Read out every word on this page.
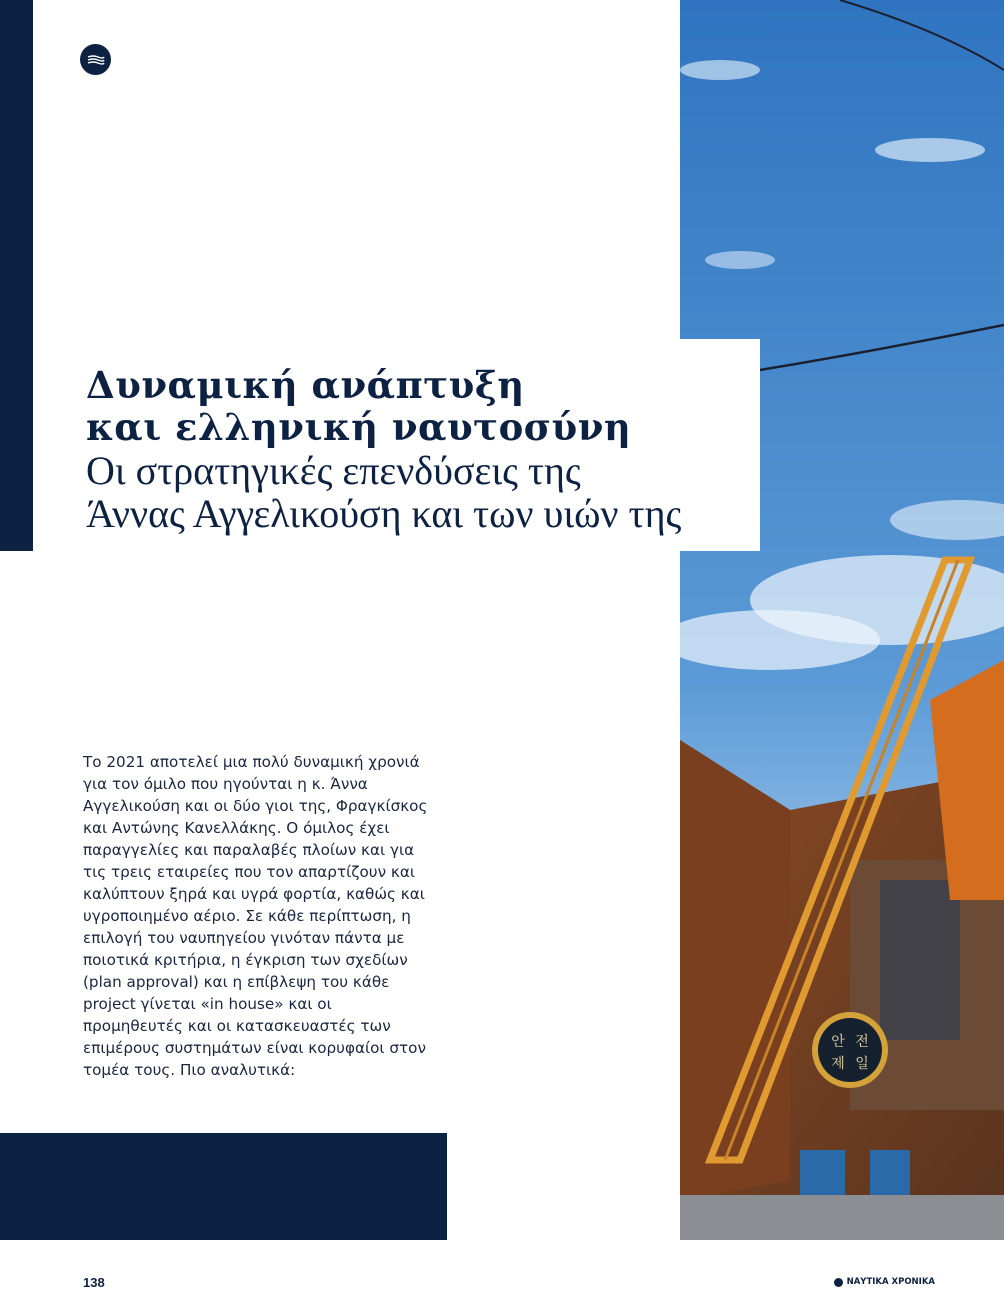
안 전
제 일
Δυναμική ανάπτυξη
και ελληνική ναυτοσύνη
Οι στρατηγικές επενδύσεις της
Άννας Αγγελικούση και των υιών της

Το 2021 αποτελεί μια πολύ δυναμική χρονιά για τον όμιλο που ηγούνται η κ. Άννα Αγγελικούση και οι δύο γιοι της, Φραγκίσκος και Αντώνης Κανελλάκης. Ο όμιλος έχει παραγγελίες και παραλαβές πλοίων και για τις τρεις εταιρείες που τον απαρτίζουν και καλύπτουν ξηρά και υγρά φορτία, καθώς και υγροποιημένο αέριο. Σε κάθε περίπτωση, η επιλογή του ναυπηγείου γινόταν πάντα με ποιοτικά κριτήρια, η έγκριση των σχεδίων (plan approval) και η επίβλεψη του κάθε project γίνεται «in house» και οι προμηθευτές και οι κατασκευαστές των επιμέρους συστημάτων είναι κορυφαίοι στον τομέα τους. Πιο αναλυτικά:

138	ΝΑΥΤΙΚΑ ΧΡΟΝΙΚΑ
